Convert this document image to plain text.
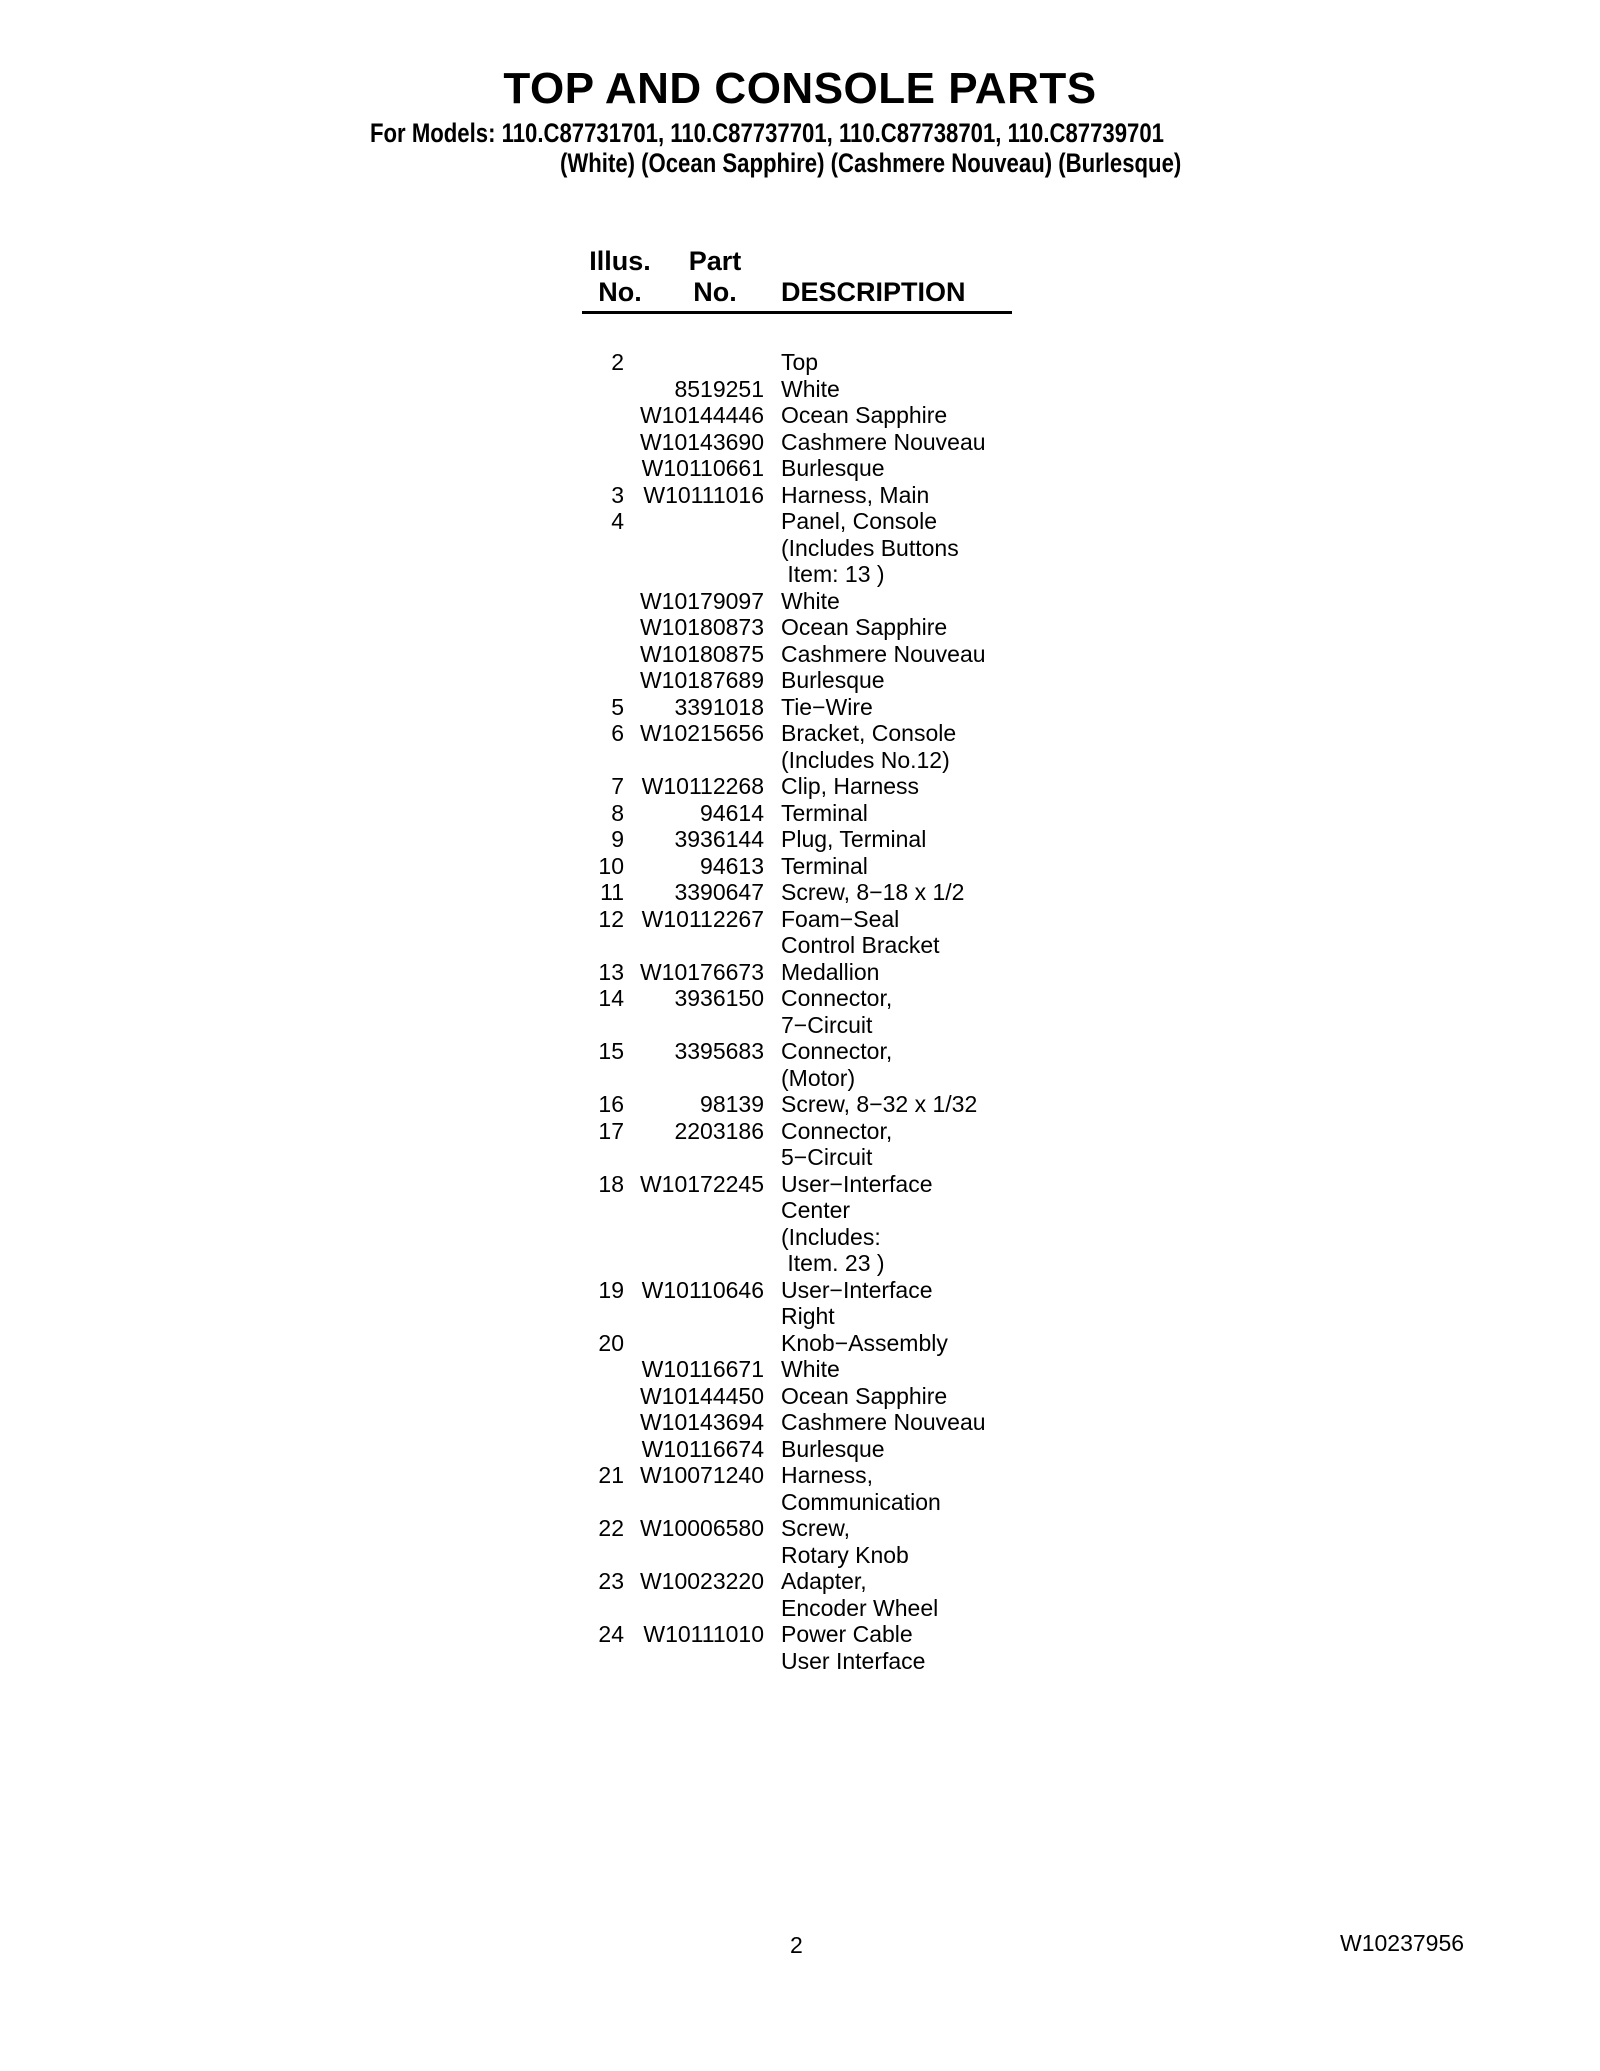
TOP AND CONSOLE PARTS
For Models: 110.C87731701, 110.C87737701, 110.C87738701, 110.C87739701
(White) (Ocean Sapphire) (Cashmere Nouveau) (Burlesque)
Illus.
No.
Part
No.	DESCRIPTION
2	Top
8519251 White
W10144446 Ocean Sapphire
W10143690 Cashmere Nouveau
W10110661 Burlesque
3 W10111016 Harness, Main
4	Panel, Console
(Includes Buttons
Item: 13 )
W10179097 White
W10180873 Ocean Sapphire
W10180875 Cashmere Nouveau
W10187689 Burlesque
5	3391018 Tie−Wire
6 W10215656 Bracket, Console
(Includes No.12)
7 W10112268 Clip, Harness
8	94614 Terminal
9	3936144 Plug, Terminal
10	94613 Terminal
11	3390647 Screw, 8−18 x 1/2
12 W10112267 Foam−Seal
Control Bracket
13 W10176673 Medallion
14	3936150 Connector,
7−Circuit
15	3395683 Connector,
(Motor)
16	98139 Screw, 8−32 x 1/32
17	2203186 Connector,
5−Circuit
18 W10172245 User−Interface
Center
(Includes:
Item. 23 )
19 W10110646 User−Interface
Right
20	Knob−Assembly
W10116671 White
W10144450 Ocean Sapphire
W10143694 Cashmere Nouveau
W10116674 Burlesque
21 W10071240 Harness,
Communication
22 W10006580 Screw,
Rotary Knob
23 W10023220 Adapter,
Encoder Wheel
24 W10111010 Power Cable
User Interface
2	W10237956
